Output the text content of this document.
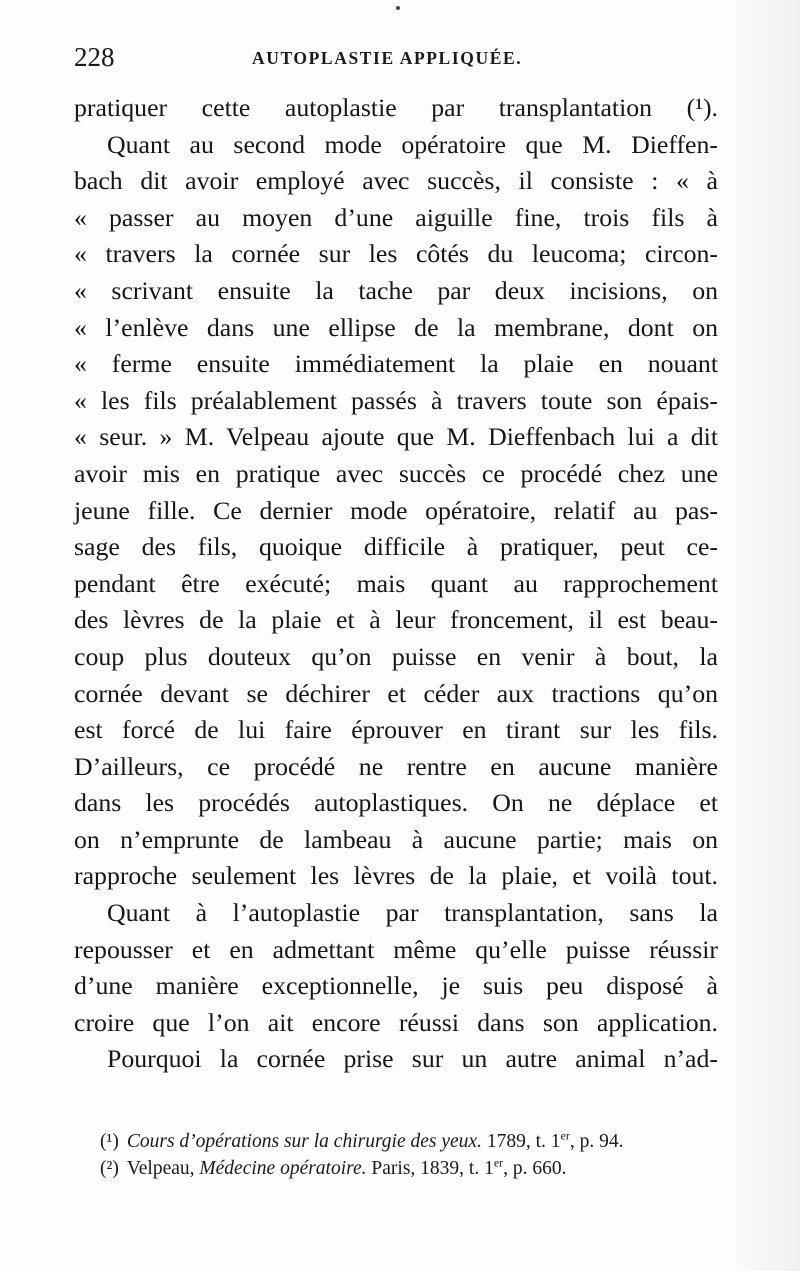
228	AUTOPLASTIE APPLIQUÉE.
pratiquer cette autoplastie par transplantation (¹).
Quant au second mode opératoire que M. Dieffen-
bach dit avoir employé avec succès, il consiste : « à
« passer au moyen d’une aiguille fine, trois fils à
« travers la cornée sur les côtés du leucoma; circon-
« scrivant ensuite la tache par deux incisions, on
« l’enlève dans une ellipse de la membrane, dont on
« ferme ensuite immédiatement la plaie en nouant
« les fils préalablement passés à travers toute son épais-
« seur. » M. Velpeau ajoute que M. Dieffenbach lui a dit
avoir mis en pratique avec succès ce procédé chez une
jeune fille. Ce dernier mode opératoire, relatif au pas-
sage des fils, quoique difficile à pratiquer, peut ce-
pendant être exécuté; mais quant au rapprochement
des lèvres de la plaie et à leur froncement, il est beau-
coup plus douteux qu’on puisse en venir à bout, la
cornée devant se déchirer et céder aux tractions qu’on
est forcé de lui faire éprouver en tirant sur les fils.
D’ailleurs, ce procédé ne rentre en aucune manière
dans les procédés autoplastiques. On ne déplace et
on n’emprunte de lambeau à aucune partie; mais on
rapproche seulement les lèvres de la plaie, et voilà tout.
Quant à l’autoplastie par transplantation, sans la
repousser et en admettant même qu’elle puisse réussir
d’une manière exceptionnelle, je suis peu disposé à
croire que l’on ait encore réussi dans son application.
Pourquoi la cornée prise sur un autre animal n’ad-
(¹) Cours d’opérations sur la chirurgie des yeux. 1789, t. 1er, p. 94.
(²) Velpeau, Médecine opératoire. Paris, 1839, t. 1er, p. 660.
